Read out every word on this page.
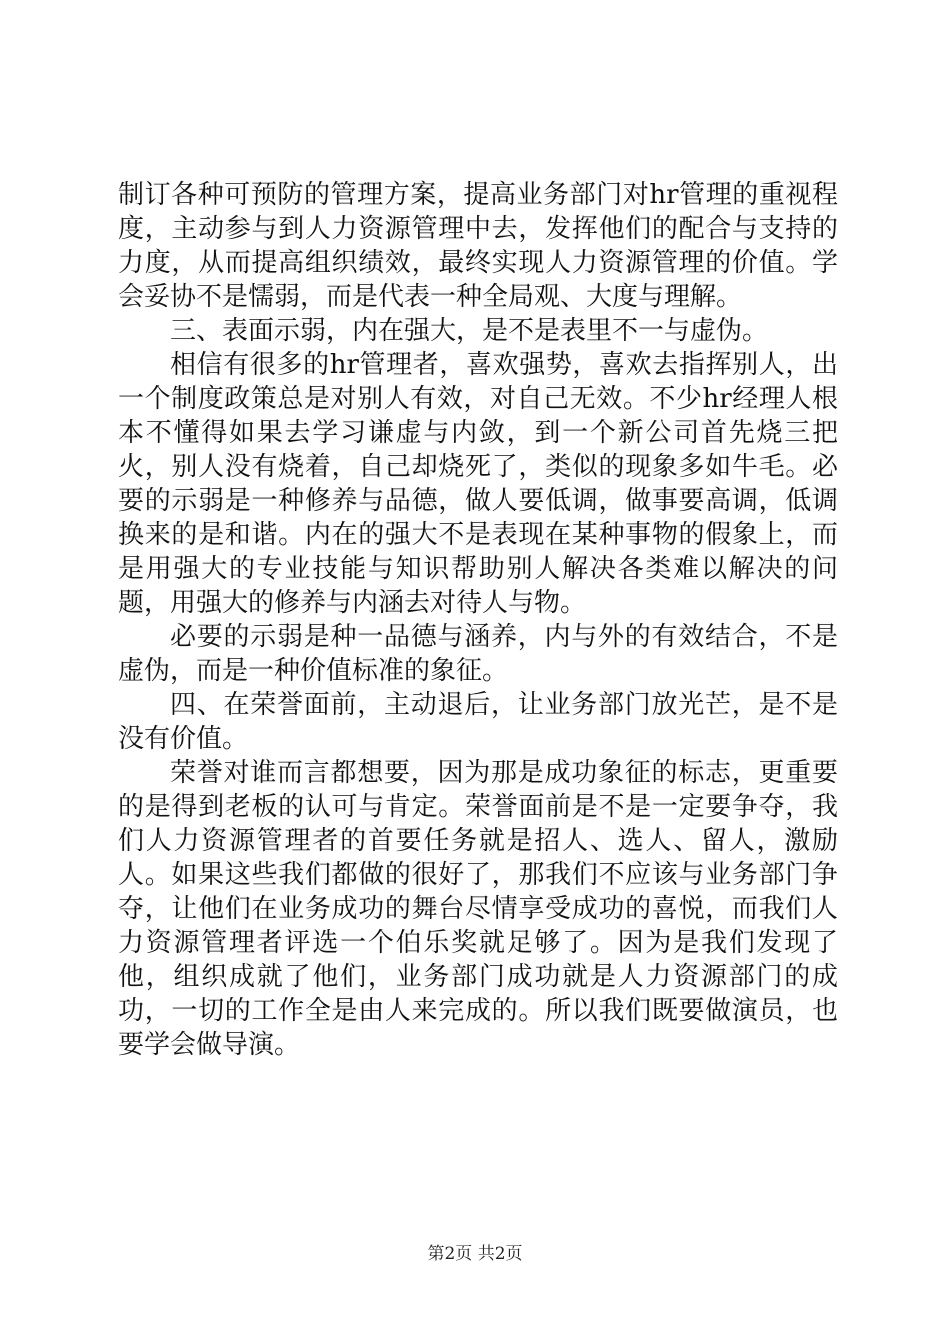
制订各种可预防的管理方案，提高业务部门对hr管理的重视程度，主动参与到人力资源管理中去，发挥他们的配合与支持的力度，从而提高组织绩效，最终实现人力资源管理的价值。学会妥协不是懦弱，而是代表一种全局观、大度与理解。

三、表面示弱，内在强大，是不是表里不一与虚伪。

相信有很多的hr管理者，喜欢强势，喜欢去指挥别人，出一个制度政策总是对别人有效，对自己无效。不少hr经理人根本不懂得如果去学习谦虚与内敛，到一个新公司首先烧三把火，别人没有烧着，自己却烧死了，类似的现象多如牛毛。必要的示弱是一种修养与品德，做人要低调，做事要高调，低调换来的是和谐。内在的强大不是表现在某种事物的假象上，而是用强大的专业技能与知识帮助别人解决各类难以解决的问题，用强大的修养与内涵去对待人与物。

必要的示弱是种一品德与涵养，内与外的有效结合，不是虚伪，而是一种价值标准的象征。

四、在荣誉面前，主动退后，让业务部门放光芒，是不是没有价值。

荣誉对谁而言都想要，因为那是成功象征的标志，更重要的是得到老板的认可与肯定。荣誉面前是不是一定要争夺，我们人力资源管理者的首要任务就是招人、选人、留人，激励人。如果这些我们都做的很好了，那我们不应该与业务部门争夺，让他们在业务成功的舞台尽情享受成功的喜悦，而我们人力资源管理者评选一个伯乐奖就足够了。因为是我们发现了他，组织成就了他们，业务部门成功就是人力资源部门的成功，一切的工作全是由人来完成的。所以我们既要做演员，也要学会做导演。

第2页 共2页
